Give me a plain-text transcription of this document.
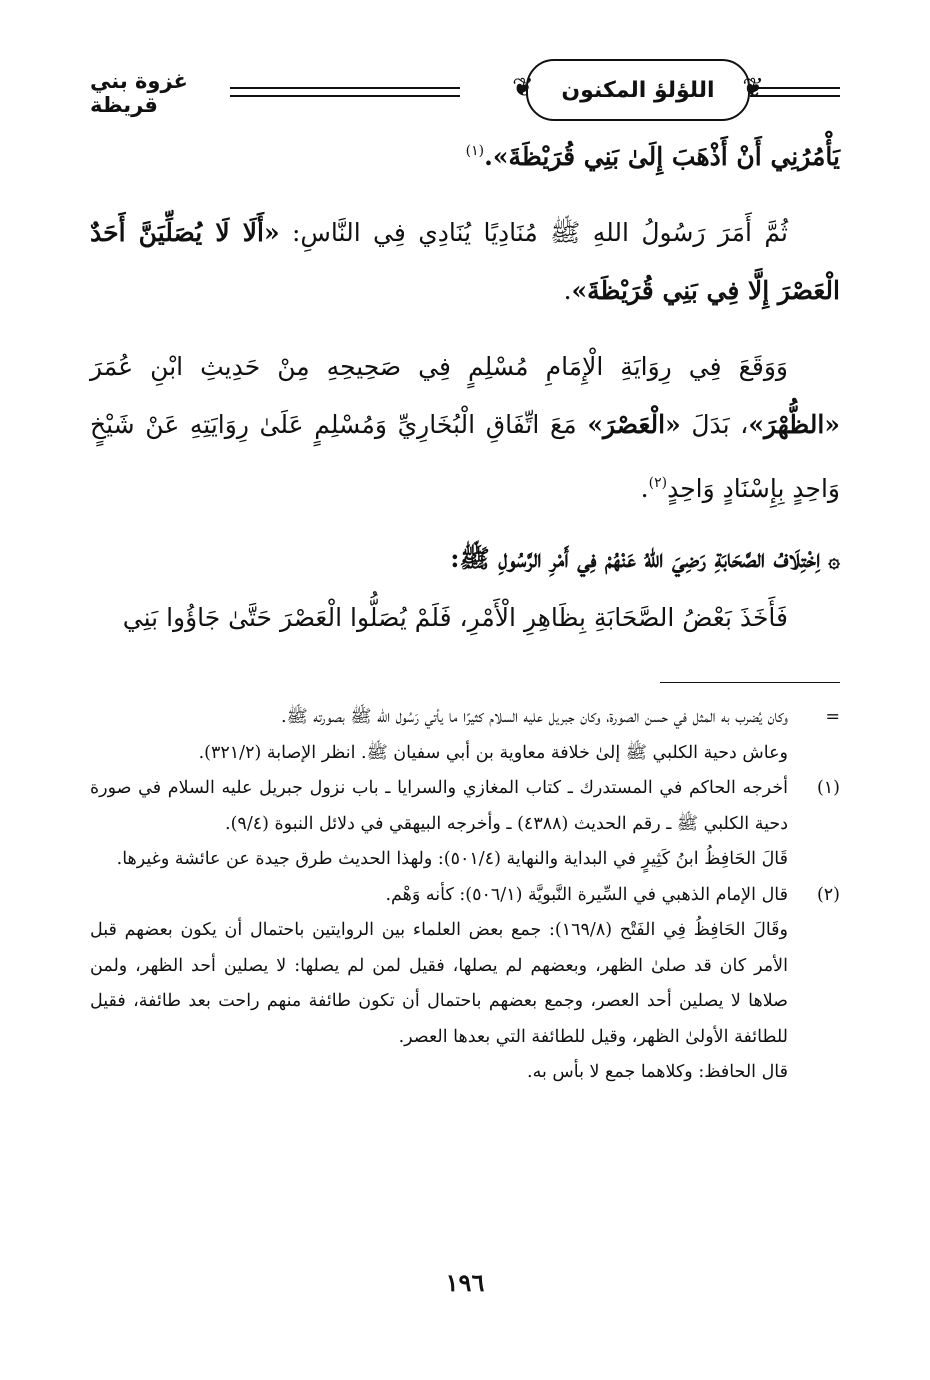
❦ اللؤلؤ المكنون ❦
غزوة بني قريظة

يَأْمُرُنِي أَنْ أَذْهَبَ إِلَىٰ بَنِي قُرَيْظَةَ».$^{(١)}$

ثُمَّ أَمَرَ رَسُولُ اللهِ ﷺ مُنَادِيًا يُنَادِي فِي النَّاسِ: «أَلَا لَا يُصَلِّيَنَّ أَحَدٌ الْعَصْرَ إِلَّا فِي بَنِي قُرَيْظَةَ».

وَوَقَعَ فِي رِوَايَةِ الْإِمَامِ مُسْلِمٍ فِي صَحِيحِهِ مِنْ حَدِيثِ ابْنِ عُمَرَ «الظُّهْرَ»، بَدَلَ «الْعَصْرَ» مَعَ اتِّفَاقِ الْبُخَارِيِّ وَمُسْلِمٍ عَلَىٰ رِوَايَتِهِ عَنْ شَيْخٍ وَاحِدٍ بِإِسْنَادٍ وَاحِدٍ$^{(٢)}$.

۞اِخْتِلَافُ الصَّحَابَةِ رَضِيَ اللهُ عَنْهُمْ فِي أَمْرِ الرَّسُولِ ﷺ:

فَأَخَذَ بَعْضُ الصَّحَابَةِ بِظَاهِرِ الْأَمْرِ، فَلَمْ يُصَلُّوا الْعَصْرَ حَتَّىٰ جَاؤُوا بَنِي

=
وكان يُضرب به المثل في حسن الصورة، وكان جبريل عليه السلام كثيرًا ما يأتي رَسُول الله ﷺ بصورته ﷺ.
وعاش دحية الكلبي ﷺ إلىٰ خلافة معاوية بن أبي سفيان ﷺ. انظر الإصابة (٣٢١/٢).
(١)
أخرجه الحاكم في المستدرك ـ كتاب المغازي والسرايا ـ باب نزول جبريل عليه السلام في صورة دحية الكلبي ﷺ ـ رقم الحديث (٤٣٨٨) ـ وأخرجه البيهقي في دلائل النبوة (٩/٤).
قَالَ الحَافِظُ ابنُ كَثِيرٍ في البداية والنهاية (٥٠١/٤): ولهذا الحديث طرق جيدة عن عائشة وغيرها.
(٢)
قال الإمام الذهبي في السِّيرة النَّبويَّة (٥٠٦/١): كأنه وَهْم.
وقَالَ الحَافِظُ فِي الفَتْح (١٦٩/٨): جمع بعض العلماء بين الروايتين باحتمال أن يكون بعضهم قبل الأمر كان قد صلىٰ الظهر، وبعضهم لم يصلها، فقيل لمن لم يصلها: لا يصلين أحد الظهر، ولمن صلاها لا يصلين أحد العصر، وجمع بعضهم باحتمال أن تكون طائفة منهم راحت بعد طائفة، فقيل للطائفة الأولىٰ الظهر، وقيل للطائفة التي بعدها العصر.
قال الحافظ: وكلاهما جمع لا بأس به.
١٩٦
